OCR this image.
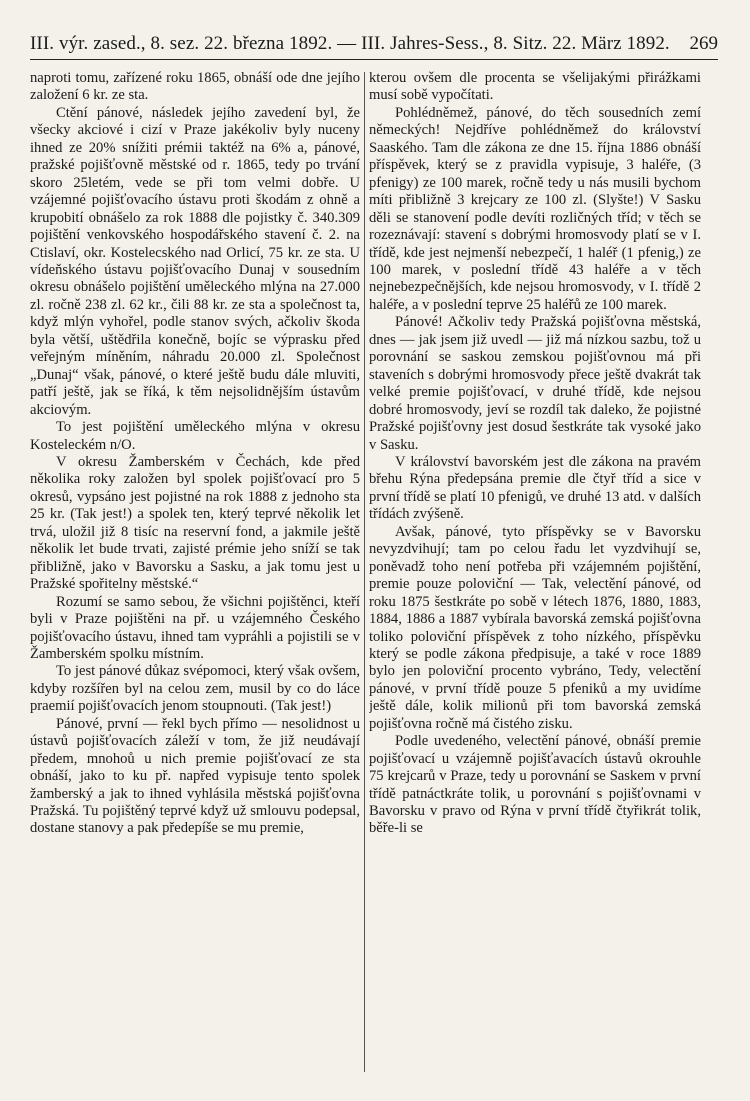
III. výr. zased., 8. sez. 22. března 1892. — III. Jahres-Sess., 8. Sitz. 22. März 1892.	269

naproti tomu, zařízené roku 1865, obnáší ode dne jejího založení 6 kr. ze sta.

Ctění pánové, následek jejího zavedení byl, že všecky akciové i cizí v Praze jakékoliv byly nuceny ihned ze 20% snížiti prémii taktéž na 6% a, pánové, pražské pojišťovně městské od r. 1865, tedy po trvání skoro 25letém, vede se při tom velmi dobře. U vzájemné pojišťovacího ústavu proti škodám z ohně a krupobití obnášelo za rok 1888 dle pojistky č. 340.309 pojištění venkovského hospodářského stavení č. 2. na Ctislaví, okr. Kostelecského nad Orlicí, 75 kr. ze sta. U vídeňského ústavu pojišťovacího Dunaj v sousedním okresu obnášelo pojištění uměleckého mlýna na 27.000 zl. ročně 238 zl. 62 kr., čili 88 kr. ze sta a společnost ta, když mlýn vyhořel, podle stanov svých, ačkoliv škoda byla větší, uštědřila konečně, bojíc se výprasku před veřejným míněním, náhradu 20.000 zl. Společnost „Dunaj“ však, pánové, o které ještě budu dále mluviti, patří ještě, jak se říká, k těm nejsolidnějším ústavům akciovým.

To jest pojištění uměleckého mlýna v okresu Kosteleckém n/O.

V okresu Žamberském v Čechách, kde před několika roky založen byl spolek pojišťovací pro 5 okresů, vypsáno jest pojistné na rok 1888 z jednoho sta 25 kr. (Tak jest!) a spolek ten, který teprvé několik let trvá, uložil již 8 tisíc na reservní fond, a jakmile ještě několik let bude trvati, zajisté prémie jeho sníží se tak přibližně, jako v Bavorsku a Sasku, a jak tomu jest u Pražské spořitelny městské.“

Rozumí se samo sebou, že všichni pojištěnci, kteří byli v Praze pojištěni na př. u vzájemného Českého pojišťovacího ústavu, ihned tam vypráhli a pojistili se v Žamberském spolku místním.

To jest pánové důkaz svépomoci, který však ovšem, kdyby rozšířen byl na celou zem, musil by co do láce praemií pojišťovacích jenom stoupnouti. (Tak jest!)

Pánové, první — řekl bych přímo — nesolidnost u ústavů pojišťovacích záleží v tom, že již neudávají předem, mnohoů u nich premie pojišťovací ze sta obnáší, jako to ku př. napřed vypisuje tento spolek žamberský a jak to ihned vyhlásila městská pojišťovna Pražská. Tu pojištěný teprvé když už smlouvu podepsal, dostane stanovy a pak předepíše se mu premie,

kterou ovšem dle procenta se všelijakými přirážkami musí sobě vypočítati.

Pohlédněmež, pánové, do těch sousedních zemí německých! Nejdříve pohlédněmež do království Saaského. Tam dle zákona ze dne 15. října 1886 obnáší příspěvek, který se z pravidla vypisuje, 3 haléře, (3 pfenigy) ze 100 marek, ročně tedy u nás musili bychom míti přibližně 3 krejcary ze 100 zl. (Slyšte!) V Sasku děli se stanovení podle devíti rozličných tříd; v těch se rozeznávají: stavení s dobrými hromosvody platí se v I. třídě, kde jest nejmenší nebezpečí, 1 haléř (1 pfenig,) ze 100 marek, v poslední třídě 43 haléře a v těch nejnebezpečnějších, kde nejsou hromosvody, v I. třídě 2 haléře, a v poslední teprve 25 haléřů ze 100 marek.

Pánové! Ačkoliv tedy Pražská pojišťovna městská, dnes — jak jsem již uvedl — již má nízkou sazbu, tož u porovnání se saskou zemskou pojišťovnou má při staveních s dobrými hromosvody přece ještě dvakrát tak velké premie pojišťovací, v druhé třídě, kde nejsou dobré hromosvody, jeví se rozdíl tak daleko, že pojistné Pražské pojišťovny jest dosud šestkráte tak vysoké jako v Sasku.

V království bavorském jest dle zákona na pravém břehu Rýna předepsána premie dle čtyř tříd a sice v první třídě se platí 10 pfenigů, ve druhé 13 atd. v dalších třídách zvýšeně.

Avšak, pánové, tyto příspěvky se v Bavorsku nevyzdvihují; tam po celou řadu let vyzdvihují se, poněvadž toho není potřeba při vzájemném pojištění, premie pouze poloviční — Tak, velectění pánové, od roku 1875 šestkráte po sobě v létech 1876, 1880, 1883, 1884, 1886 a 1887 vybírala bavorská zemská pojišťovna toliko poloviční příspěvek z toho nízkého, příspěvku který se podle zákona předpisuje, a také v roce 1889 bylo jen poloviční procento vybráno, Tedy, velectění pánové, v první třídě pouze 5 pfeniků a my uvidíme ještě dále, kolik milionů při tom bavorská zemská pojišťovna ročně má čistého zisku.

Podle uvedeného, velectění pánové, obnáší premie pojišťovací u vzájemně pojišťavacích ústavů okrouhle 75 krejcarů v Praze, tedy u porovnání se Saskem v první třídě patnáctkráte tolik, u porovnání s pojišťovnami v Bavorsku v pravo od Rýna v první třídě čtyřikrát tolik, běře-li se
